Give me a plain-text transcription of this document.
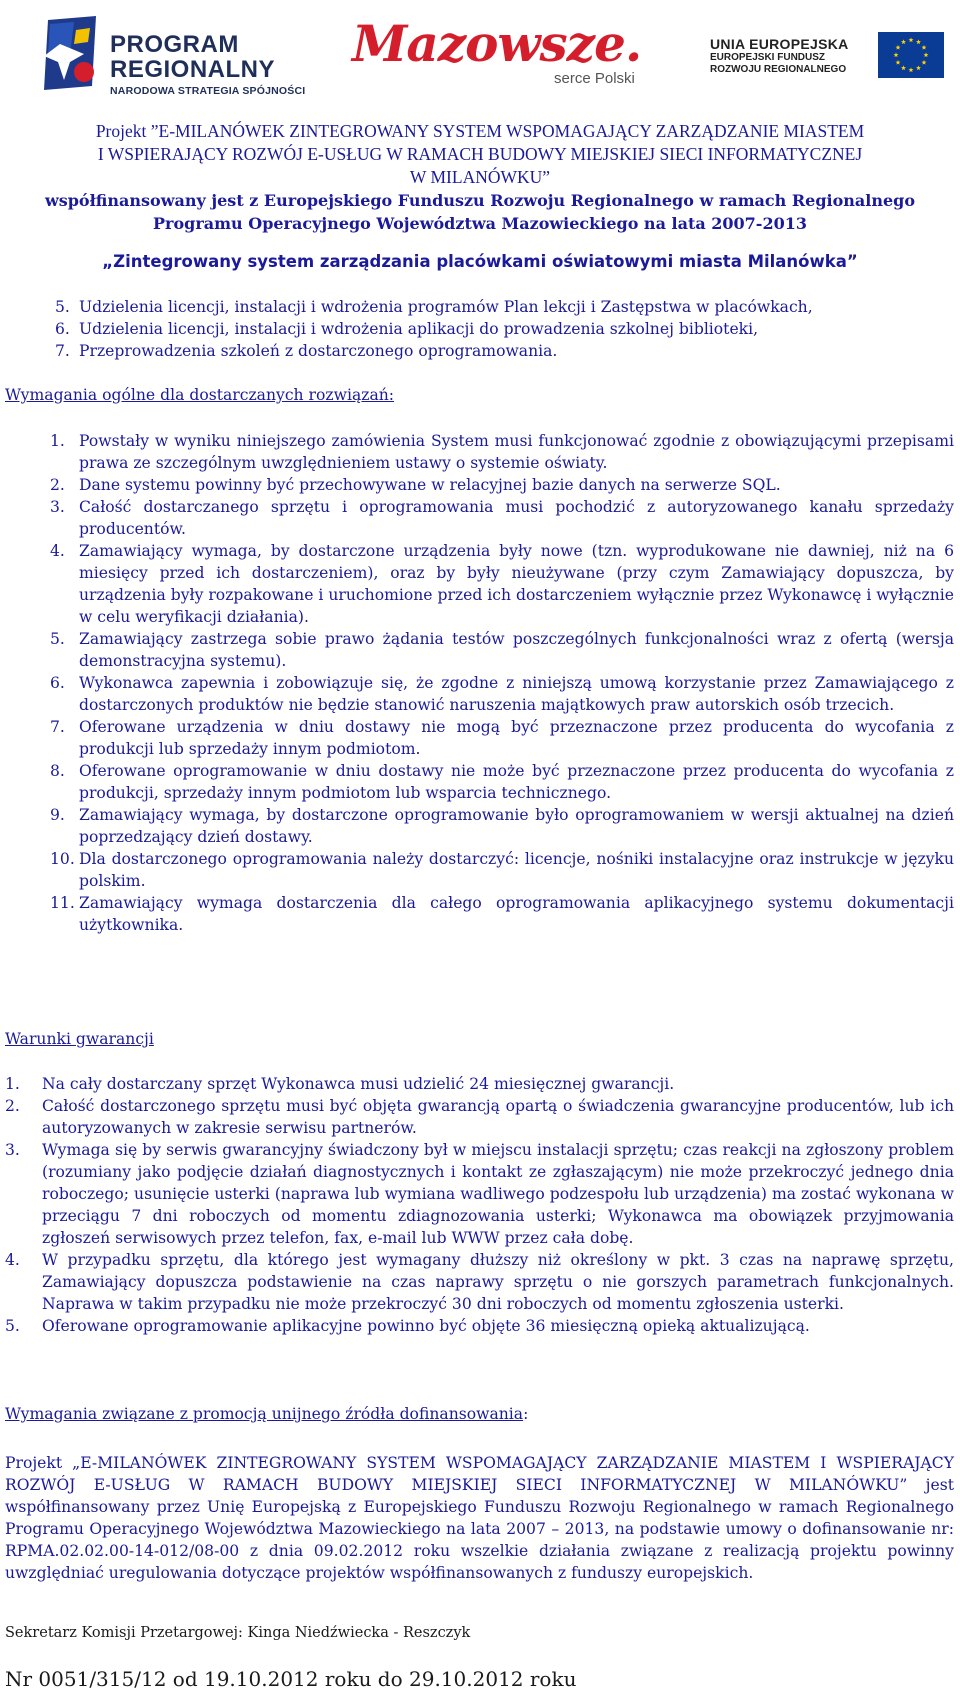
PROGRAM
REGIONALNY
NARODOWA STRATEGIA SPÓJNOŚCI
Mazowsze.
serce Polski
UNIA EUROPEJSKA
EUROPEJSKI FUNDUSZ
ROZWOJU REGIONALNEGO
Projekt ”E-MILANÓWEK ZINTEGROWANY SYSTEM WSPOMAGAJĄCY ZARZĄDZANIE MIASTEM
I WSPIERAJĄCY ROZWÓJ E-USŁUG W RAMACH BUDOWY MIEJSKIEJ SIECI INFORMATYCZNEJ
W MILANÓWKU”
współfinansowany jest z Europejskiego Funduszu Rozwoju Regionalnego w ramach Regionalnego
Programu Operacyjnego Województwa Mazowieckiego na lata 2007-2013
„Zintegrowany system zarządzania placówkami oświatowymi miasta Milanówka”
5. Udzielenia licencji, instalacji i wdrożenia programów Plan lekcji i Zastępstwa w placówkach,
6. Udzielenia licencji, instalacji i wdrożenia aplikacji do prowadzenia szkolnej biblioteki,
7. Przeprowadzenia szkoleń z dostarczonego oprogramowania.
Wymagania ogólne dla dostarczanych rozwiązań:
1. Powstały w wyniku niniejszego zamówienia System musi funkcjonować zgodnie z obowiązującymi przepisami prawa ze szczególnym uwzględnieniem ustawy o systemie oświaty.
2. Dane systemu powinny być przechowywane w relacyjnej bazie danych na serwerze SQL.
3. Całość dostarczanego sprzętu i oprogramowania musi pochodzić z autoryzowanego kanału sprzedaży producentów.
4. Zamawiający wymaga, by dostarczone urządzenia były nowe (tzn. wyprodukowane nie dawniej, niż na 6 miesięcy przed ich dostarczeniem), oraz by były nieużywane (przy czym Zamawiający dopuszcza, by urządzenia były rozpakowane i uruchomione przed ich dostarczeniem wyłącznie przez Wykonawcę i wyłącznie w celu weryfikacji działania).
5. Zamawiający zastrzega sobie prawo żądania testów poszczególnych funkcjonalności wraz z ofertą (wersja demonstracyjna systemu).
6. Wykonawca zapewnia i zobowiązuje się, że zgodne z niniejszą umową korzystanie przez Zamawiającego z dostarczonych produktów nie będzie stanowić naruszenia majątkowych praw autorskich osób trzecich.
7. Oferowane urządzenia w dniu dostawy nie mogą być przeznaczone przez producenta do wycofania z produkcji lub sprzedaży innym podmiotom.
8. Oferowane oprogramowanie w dniu dostawy nie może być przeznaczone przez producenta do wycofania z produkcji, sprzedaży innym podmiotom lub wsparcia technicznego.
9. Zamawiający wymaga, by dostarczone oprogramowanie było oprogramowaniem w wersji aktualnej na dzień poprzedzający dzień dostawy.
10. Dla dostarczonego oprogramowania należy dostarczyć: licencje, nośniki instalacyjne oraz instrukcje w języku polskim.
11. Zamawiający wymaga dostarczenia dla całego oprogramowania aplikacyjnego systemu dokumentacji użytkownika.
Warunki gwarancji
1.	Na cały dostarczany sprzęt Wykonawca musi udzielić 24 miesięcznej gwarancji.
2.	Całość dostarczonego sprzętu musi być objęta gwarancją opartą o świadczenia gwarancyjne producentów, lub ich autoryzowanych w zakresie serwisu partnerów.
3.	Wymaga się by serwis gwarancyjny świadczony był w miejscu instalacji sprzętu; czas reakcji na zgłoszony problem (rozumiany jako podjęcie działań diagnostycznych i kontakt ze zgłaszającym) nie może przekroczyć jednego dnia roboczego; usunięcie usterki (naprawa lub wymiana wadliwego podzespołu lub urządzenia) ma zostać wykonana w przeciągu 7 dni roboczych od momentu zdiagnozowania usterki; Wykonawca ma obowiązek przyjmowania zgłoszeń serwisowych przez telefon, fax, e-mail lub WWW przez cała dobę.
4.	W przypadku sprzętu, dla którego jest wymagany dłuższy niż określony w pkt. 3 czas na naprawę sprzętu, Zamawiający dopuszcza podstawienie na czas naprawy sprzętu o nie gorszych parametrach funkcjonalnych. Naprawa w takim przypadku nie może przekroczyć 30 dni roboczych od momentu zgłoszenia usterki.
5.	Oferowane oprogramowanie aplikacyjne powinno być objęte 36 miesięczną opieką aktualizującą.
Wymagania związane z promocją unijnego źródła dofinansowania:

Projekt „E-MILANÓWEK ZINTEGROWANY SYSTEM WSPOMAGAJĄCY ZARZĄDZANIE MIASTEM I WSPIERAJĄCY ROZWÓJ E-USŁUG W RAMACH BUDOWY MIEJSKIEJ SIECI INFORMATYCZNEJ W MILANÓWKU” jest współfinansowany przez Unię Europejską z Europejskiego Funduszu Rozwoju Regionalnego w ramach Regionalnego Programu Operacyjnego Województwa Mazowieckiego na lata 2007 – 2013, na podstawie umowy o dofinansowanie nr: RPMA.02.02.00-14-012/08-00 z dnia 09.02.2012 roku wszelkie działania związane z realizacją projektu powinny uwzględniać uregulowania dotyczące projektów współfinansowanych z funduszy europejskich.

Sekretarz Komisji Przetargowej: Kinga Niedźwiecka - Reszczyk
Nr 0051/315/12 od 19.10.2012 roku do 29.10.2012 roku
